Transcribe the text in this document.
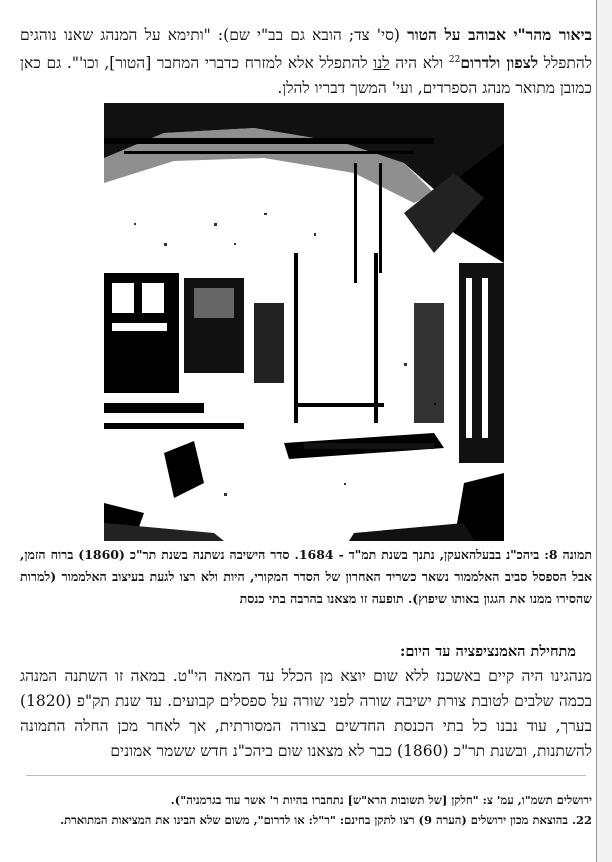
ביאור מהר"י אבוהב על הטור (סי' צד; הובא גם בב"י שם): "ותימא על המנהג שאנו נוהגים להתפלל לצפון ולדרום$^{22}$ ולא היה לנו להתפלל אלא למזרח כדברי המחבר [הטור], וכו'". גם כאן כמובן מתואר מנהג הספרדים, ועי' המשך דבריו להלן.
תמונה 8: ביהכ"נ בבעלהאעקן, נתנך בשנת תמ"ד - 1684. סדר הישיבה נשתנה בשנת תר"כ (1860) ברוח הזמן, אבל הספסל סביב האלממור נשאר כשריד האחרון של הסדר המקורי, היות ולא רצו לגעת בעיצוב האלממור (למרות שהסירו ממנו את הגגון באותו שיפוץ). תופעה זו מצאנו בהרבה בתי כנסת
מתחילת האמנציפציה עד היום:
מנהגינו היה קיים באשכנז ללא שום יוצא מן הכלל עד המאה הי"ט. במאה זו השתנה המנהג בכמה שלבים לטובת צורת ישיבה שורה לפני שורה על ספסלים קבועים. עד שנת תק"פ (1820) בערך, עוד נבנו כל בתי הכנסת החדשים בצורה המסורתית, אך לאחר מכן החלה התמונה להשתנות, ובשנת תר"כ (1860) כבר לא מצאנו שום ביהכ"נ חדש ששמר אמונים
ירושלים תשמ"ו, עמ' צ: "חלקן [של תשובות הרא"ש] נתחברו בהיות ר' אשר עוד בגרמניה").
22. בהוצאת מכון ירושלים (הערה 9) רצו לתקן בחינם: "ר"ל: או לדרום", משום שלא הבינו את המציאות המתוארת.
